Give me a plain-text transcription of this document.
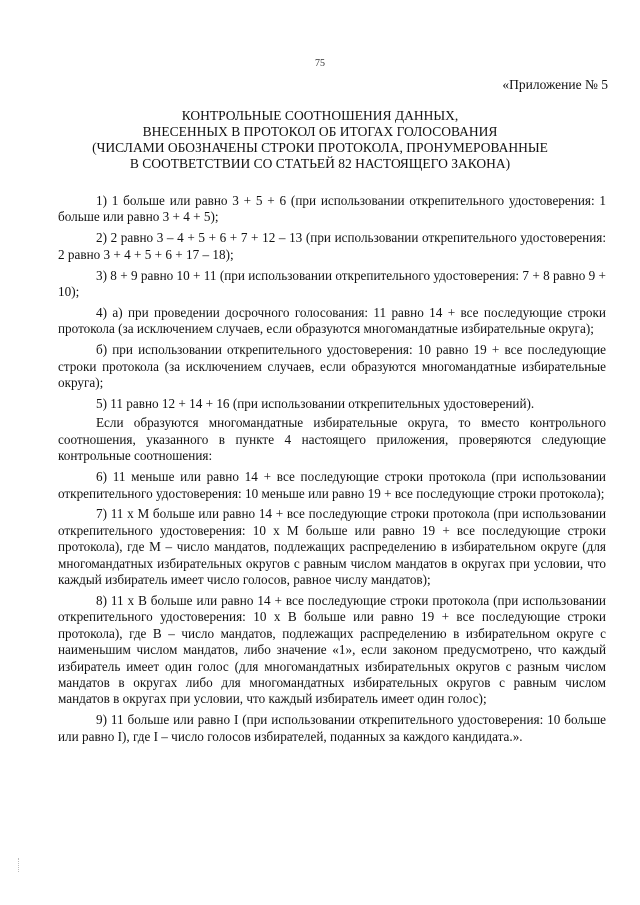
75
«Приложение № 5
КОНТРОЛЬНЫЕ СООТНОШЕНИЯ ДАННЫХ,
ВНЕСЕННЫХ В ПРОТОКОЛ ОБ ИТОГАХ ГОЛОСОВАНИЯ
(ЧИСЛАМИ ОБОЗНАЧЕНЫ СТРОКИ ПРОТОКОЛА, ПРОНУМЕРОВАННЫЕ
В СООТВЕТСТВИИ СО СТАТЬЕЙ 82 НАСТОЯЩЕГО ЗАКОНА)

1) 1 больше или равно 3 + 5 + 6 (при использовании открепительного удостоверения: 1 больше или равно 3 + 4 + 5);

2) 2 равно 3 – 4 + 5 + 6 + 7 + 12 – 13 (при использовании открепительного удостоверения: 2 равно 3 + 4 + 5 + 6 + 17 – 18);

3) 8 + 9 равно 10 + 11 (при использовании открепительного удостоверения: 7 + 8 равно 9 + 10);

4) а) при проведении досрочного голосования: 11 равно 14 + все последующие строки протокола (за исключением случаев, если образуются многомандатные избирательные округа);

б) при использовании открепительного удостоверения: 10 равно 19 + все последующие строки протокола (за исключением случаев, если образуются многомандатные избирательные округа);

5) 11 равно 12 + 14 + 16 (при использовании открепительных удостоверений).

Если образуются многомандатные избирательные округа, то вместо контрольного соотношения, указанного в пункте 4 настоящего приложения, проверяются следующие контрольные соотношения:

6) 11 меньше или равно 14 + все последующие строки протокола (при использовании открепительного удостоверения: 10 меньше или равно 19 + все последующие строки протокола);

7) 11 х М больше или равно 14 + все последующие строки протокола (при использовании открепительного удостоверения: 10 х М больше или равно 19 + все последующие строки протокола), где М – число мандатов, подлежащих распределению в избирательном округе (для многомандатных избирательных округов с равным числом мандатов в округах при условии, что каждый избиратель имеет число голосов, равное числу мандатов);

8) 11 х В больше или равно 14 + все последующие строки протокола (при использовании открепительного удостоверения: 10 х В больше или равно 19 + все последующие строки протокола), где В – число мандатов, подлежащих распределению в избирательном округе с наименьшим числом мандатов, либо значение «1», если законом предусмотрено, что каждый избиратель имеет один голос (для многомандатных избирательных округов с разным числом мандатов в округах либо для многомандатных избирательных округов с равным числом мандатов в округах при условии, что каждый избиратель имеет один голос);

9) 11 больше или равно I (при использовании открепительного удостоверения: 10 больше или равно I), где I – число голосов избирателей, поданных за каждого кандидата.».
